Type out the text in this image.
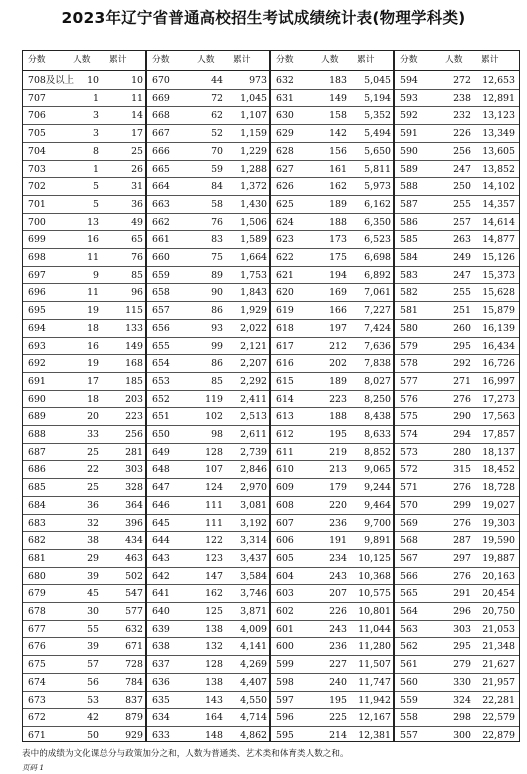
2023年辽宁省普通高校招生考试成绩统计表(物理学科类)
分数	人数 累计
708及以上	10	10
707	1	11
706	3	14
705	3	17
704	8	25
703	1	26
702	5	31
701	5	36
700	13	49
699	16	65
698	11	76
697	9	85
696	11	96
695	19	115
694	18	133
693	16	149
692	19	168
691	17	185
690	18	203
689	20	223
688	33	256
687	25	281
686	22	303
685	25	328
684	36	364
683	32	396
682	38	434
681	29	463
680	39	502
679	45	547
678	30	577
677	55	632
676	39	671
675	57	728
674	56	784
673	53	837
672	42	879
671	50	929
分数	人数 累计
670	44	973
669	72	1,045
668	62	1,107
667	52	1,159
666	70	1,229
665	59	1,288
664	84	1,372
663	58	1,430
662	76	1,506
661	83	1,589
660	75	1,664
659	89	1,753
658	90	1,843
657	86	1,929
656	93	2,022
655	99	2,121
654	86	2,207
653	85	2,292
652	119	2,411
651	102	2,513
650	98	2,611
649	128	2,739
648	107	2,846
647	124	2,970
646	111	3,081
645	111	3,192
644	122	3,314
643	123	3,437
642	147	3,584
641	162	3,746
640	125	3,871
639	138	4,009
638	132	4,141
637	128	4,269
636	138	4,407
635	143	4,550
634	164	4,714
633	148	4,862
分数	人数 累计
632	183	5,045
631	149	5,194
630	158	5,352
629	142	5,494
628	156	5,650
627	161	5,811
626	162	5,973
625	189	6,162
624	188	6,350
623	173	6,523
622	175	6,698
621	194	6,892
620	169	7,061
619	166	7,227
618	197	7,424
617	212	7,636
616	202	7,838
615	189	8,027
614	223	8,250
613	188	8,438
612	195	8,633
611	219	8,852
610	213	9,065
609	179	9,244
608	220	9,464
607	236	9,700
606	191	9,891
605	234	10,125
604	243	10,368
603	207	10,575
602	226	10,801
601	243	11,044
600	236	11,280
599	227	11,507
598	240	11,747
597	195	11,942
596	225	12,167
595	214	12,381
分数	人数 累计
594	272	12,653
593	238	12,891
592	232	13,123
591	226	13,349
590	256	13,605
589	247	13,852
588	250	14,102
587	255	14,357
586	257	14,614
585	263	14,877
584	249	15,126
583	247	15,373
582	255	15,628
581	251	15,879
580	260	16,139
579	295	16,434
578	292	16,726
577	271	16,997
576	276	17,273
575	290	17,563
574	294	17,857
573	280	18,137
572	315	18,452
571	276	18,728
570	299	19,027
569	276	19,303
568	287	19,590
567	297	19,887
566	276	20,163
565	291	20,454
564	296	20,750
563	303	21,053
562	295	21,348
561	279	21,627
560	330	21,957
559	324	22,281
558	298	22,579
557	300	22,879
表中的成绩为文化课总分与政策加分之和，人数为普通类、艺术类和体育类人数之和。
页码 1
